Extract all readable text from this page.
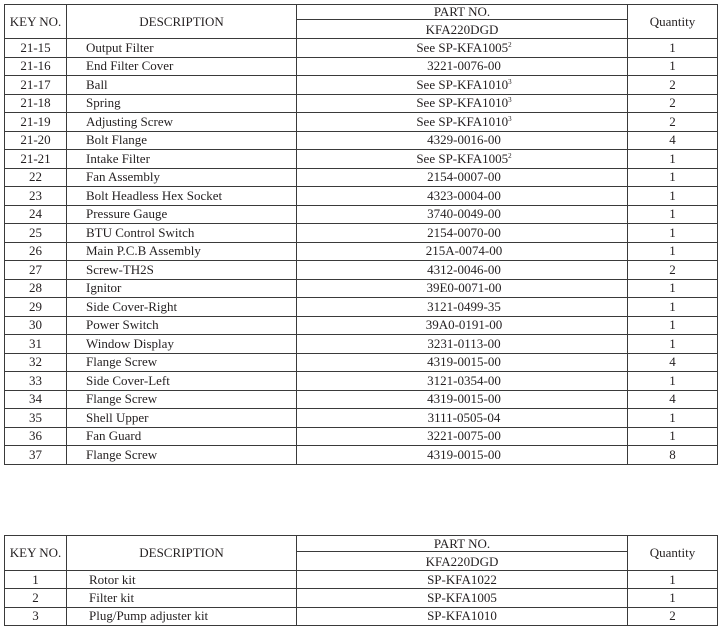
KEY NO.	DESCRIPTION	PART NO.	Quantity
		KFA220DGD	
21-15	Output Filter	See SP-KFA1005$^2$	1
21-16	End Filter Cover	3221-0076-00	1
21-17	Ball	See SP-KFA1010$^3$	2
21-18	Spring	See SP-KFA1010$^3$	2
21-19	Adjusting Screw	See SP-KFA1010$^3$	2
21-20	Bolt Flange	4329-0016-00	4
21-21	Intake Filter	See SP-KFA1005$^2$	1
22	Fan Assembly	2154-0007-00	1
23	Bolt Headless Hex Socket	4323-0004-00	1
24	Pressure Gauge	3740-0049-00	1
25	BTU Control Switch	2154-0070-00	1
26	Main P.C.B Assembly	215A-0074-00	1
27	Screw-TH2S	4312-0046-00	2
28	Ignitor	39E0-0071-00	1
29	Side Cover-Right	3121-0499-35	1
30	Power Switch	39A0-0191-00	1
31	Window Display	3231-0113-00	1
32	Flange Screw	4319-0015-00	4
33	Side Cover-Left	3121-0354-00	1
34	Flange Screw	4319-0015-00	4
35	Shell Upper	3111-0505-04	1
36	Fan Guard	3221-0075-00	1
37	Flange Screw	4319-0015-00	8
KEY NO.	DESCRIPTION	PART NO.	Quantity
		KFA220DGD	
1	Rotor kit	SP-KFA1022	1
2	Filter kit	SP-KFA1005	1
3	Plug/Pump adjuster kit	SP-KFA1010	2
